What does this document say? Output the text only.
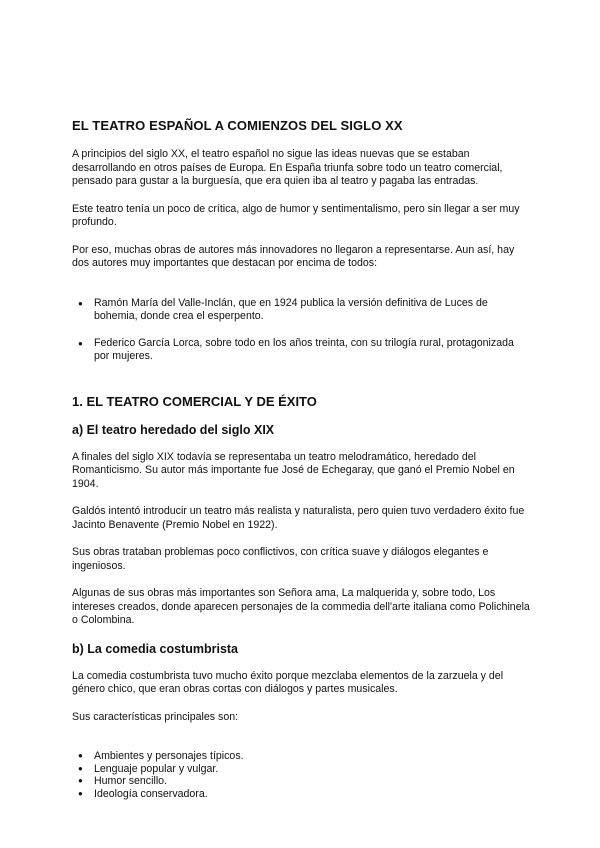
EL TEATRO ESPAÑOL A COMIENZOS DEL SIGLO XX

A principios del siglo XX, el teatro español no sigue las ideas nuevas que se estaban desarrollando en otros países de Europa. En España triunfa sobre todo un teatro comercial, pensado para gustar a la burguesía, que era quien iba al teatro y pagaba las entradas.

Este teatro tenía un poco de crítica, algo de humor y sentimentalismo, pero sin llegar a ser muy profundo.

Por eso, muchas obras de autores más innovadores no llegaron a representarse. Aun así, hay dos autores muy importantes que destacan por encima de todos:

● Ramón María del Valle-Inclán, que en 1924 publica la versión definitiva de Luces de bohemia, donde crea el esperpento.
● Federico García Lorca, sobre todo en los años treinta, con su trilogía rural, protagonizada por mujeres.
1. EL TEATRO COMERCIAL Y DE ÉXITO
a) El teatro heredado del siglo XIX

A finales del siglo XIX todavía se representaba un teatro melodramático, heredado del Romanticismo. Su autor más importante fue José de Echegaray, que ganó el Premio Nobel en 1904.

Galdós intentó introducir un teatro más realista y naturalista, pero quien tuvo verdadero éxito fue Jacinto Benavente (Premio Nobel en 1922).

Sus obras trataban problemas poco conflictivos, con crítica suave y diálogos elegantes e ingeniosos.

Algunas de sus obras más importantes son Señora ama, La malquerida y, sobre todo, Los intereses creados, donde aparecen personajes de la commedia dell'arte italiana como Polichinela o Colombina.

b) La comedia costumbrista

La comedia costumbrista tuvo mucho éxito porque mezclaba elementos de la zarzuela y del género chico, que eran obras cortas con diálogos y partes musicales.

Sus características principales son:

● Ambientes y personajes típicos.
● Lenguaje popular y vulgar.
● Humor sencillo.
● Ideología conservadora.
